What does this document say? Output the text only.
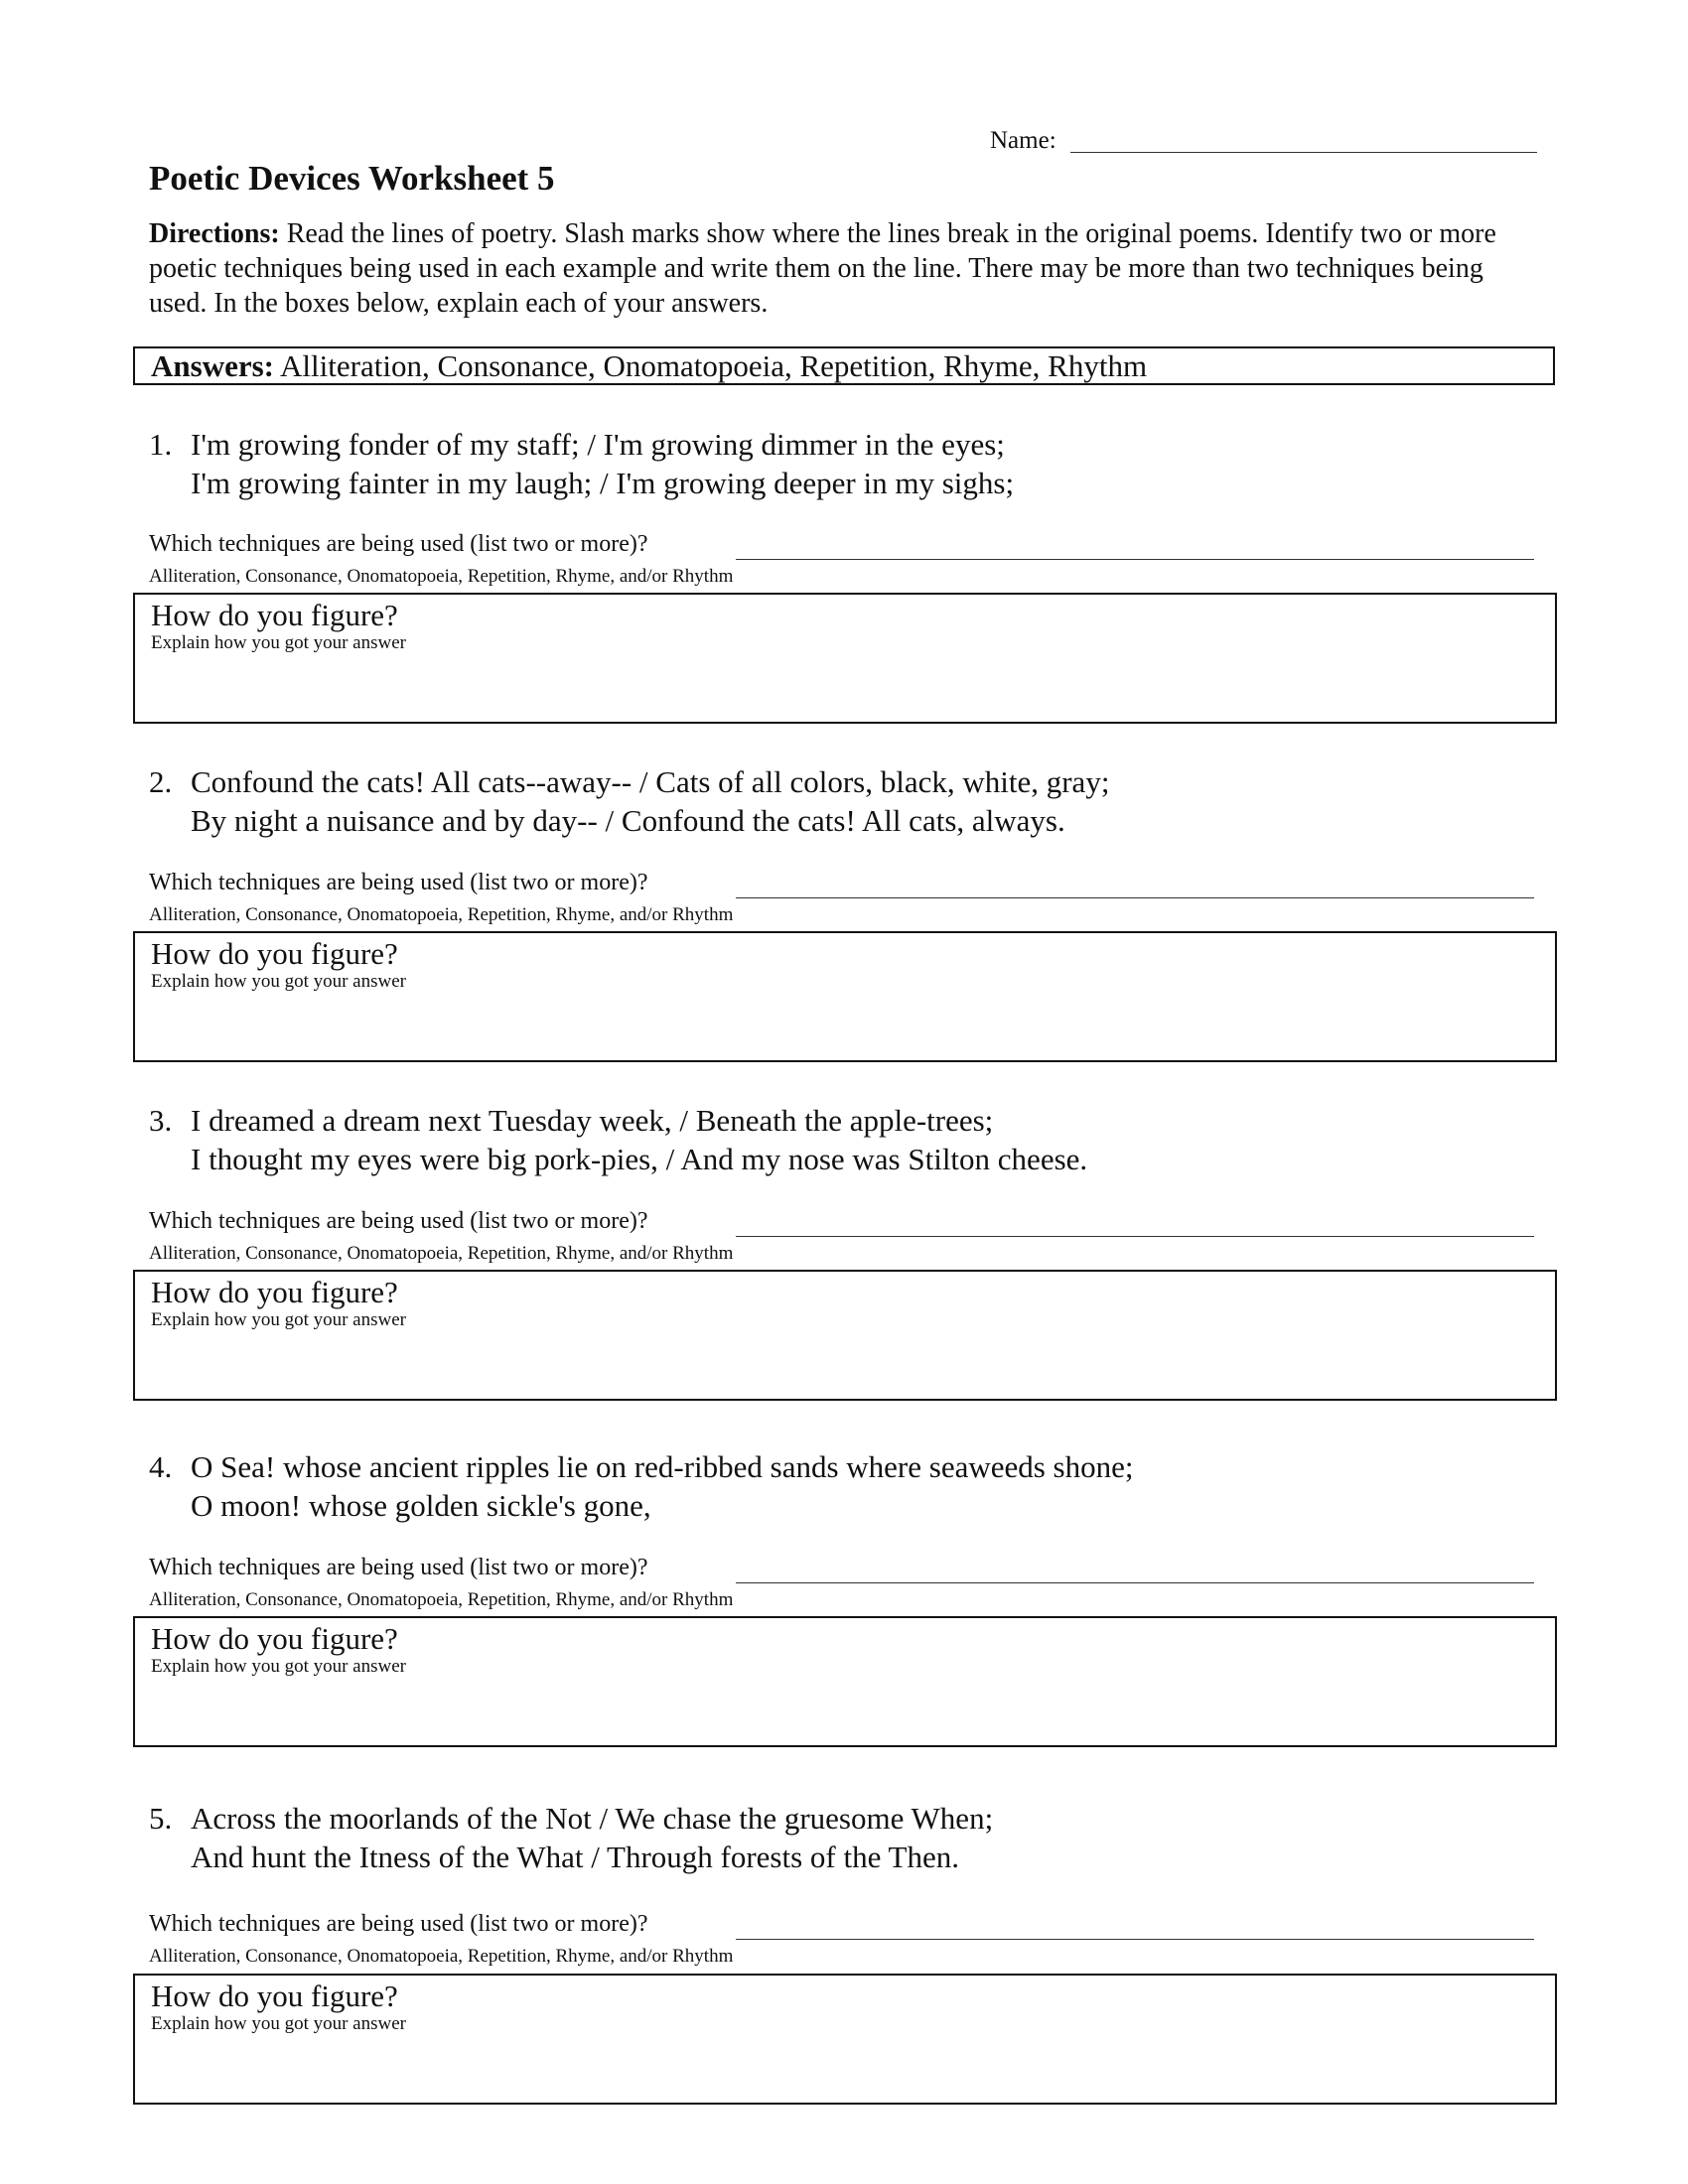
Name:
Poetic Devices Worksheet 5
Directions: Read the lines of poetry. Slash marks show where the lines break in the original poems. Identify two or more poetic techniques being used in each example and write them on the line. There may be more than two techniques being used. In the boxes below, explain each of your answers.
Answers: Alliteration, Consonance, Onomatopoeia, Repetition, Rhyme, Rhythm
1. I'm growing fonder of my staff; / I'm growing dimmer in the eyes;
I'm growing fainter in my laugh; / I'm growing deeper in my sighs;
Which techniques are being used (list two or more)?
Alliteration, Consonance, Onomatopoeia, Repetition, Rhyme, and/or Rhythm
How do you figure?
Explain how you got your answer
2. Confound the cats! All cats--away-- / Cats of all colors, black, white, gray;
By night a nuisance and by day-- / Confound the cats! All cats, always.
Which techniques are being used (list two or more)?
Alliteration, Consonance, Onomatopoeia, Repetition, Rhyme, and/or Rhythm
How do you figure?
Explain how you got your answer
3. I dreamed a dream next Tuesday week, / Beneath the apple-trees;
I thought my eyes were big pork-pies, / And my nose was Stilton cheese.
Which techniques are being used (list two or more)?
Alliteration, Consonance, Onomatopoeia, Repetition, Rhyme, and/or Rhythm
How do you figure?
Explain how you got your answer
4. O Sea! whose ancient ripples lie on red-ribbed sands where seaweeds shone;
O moon! whose golden sickle's gone,
Which techniques are being used (list two or more)?
Alliteration, Consonance, Onomatopoeia, Repetition, Rhyme, and/or Rhythm
How do you figure?
Explain how you got your answer
5. Across the moorlands of the Not / We chase the gruesome When;
And hunt the Itness of the What / Through forests of the Then.
Which techniques are being used (list two or more)?
Alliteration, Consonance, Onomatopoeia, Repetition, Rhyme, and/or Rhythm
How do you figure?
Explain how you got your answer
